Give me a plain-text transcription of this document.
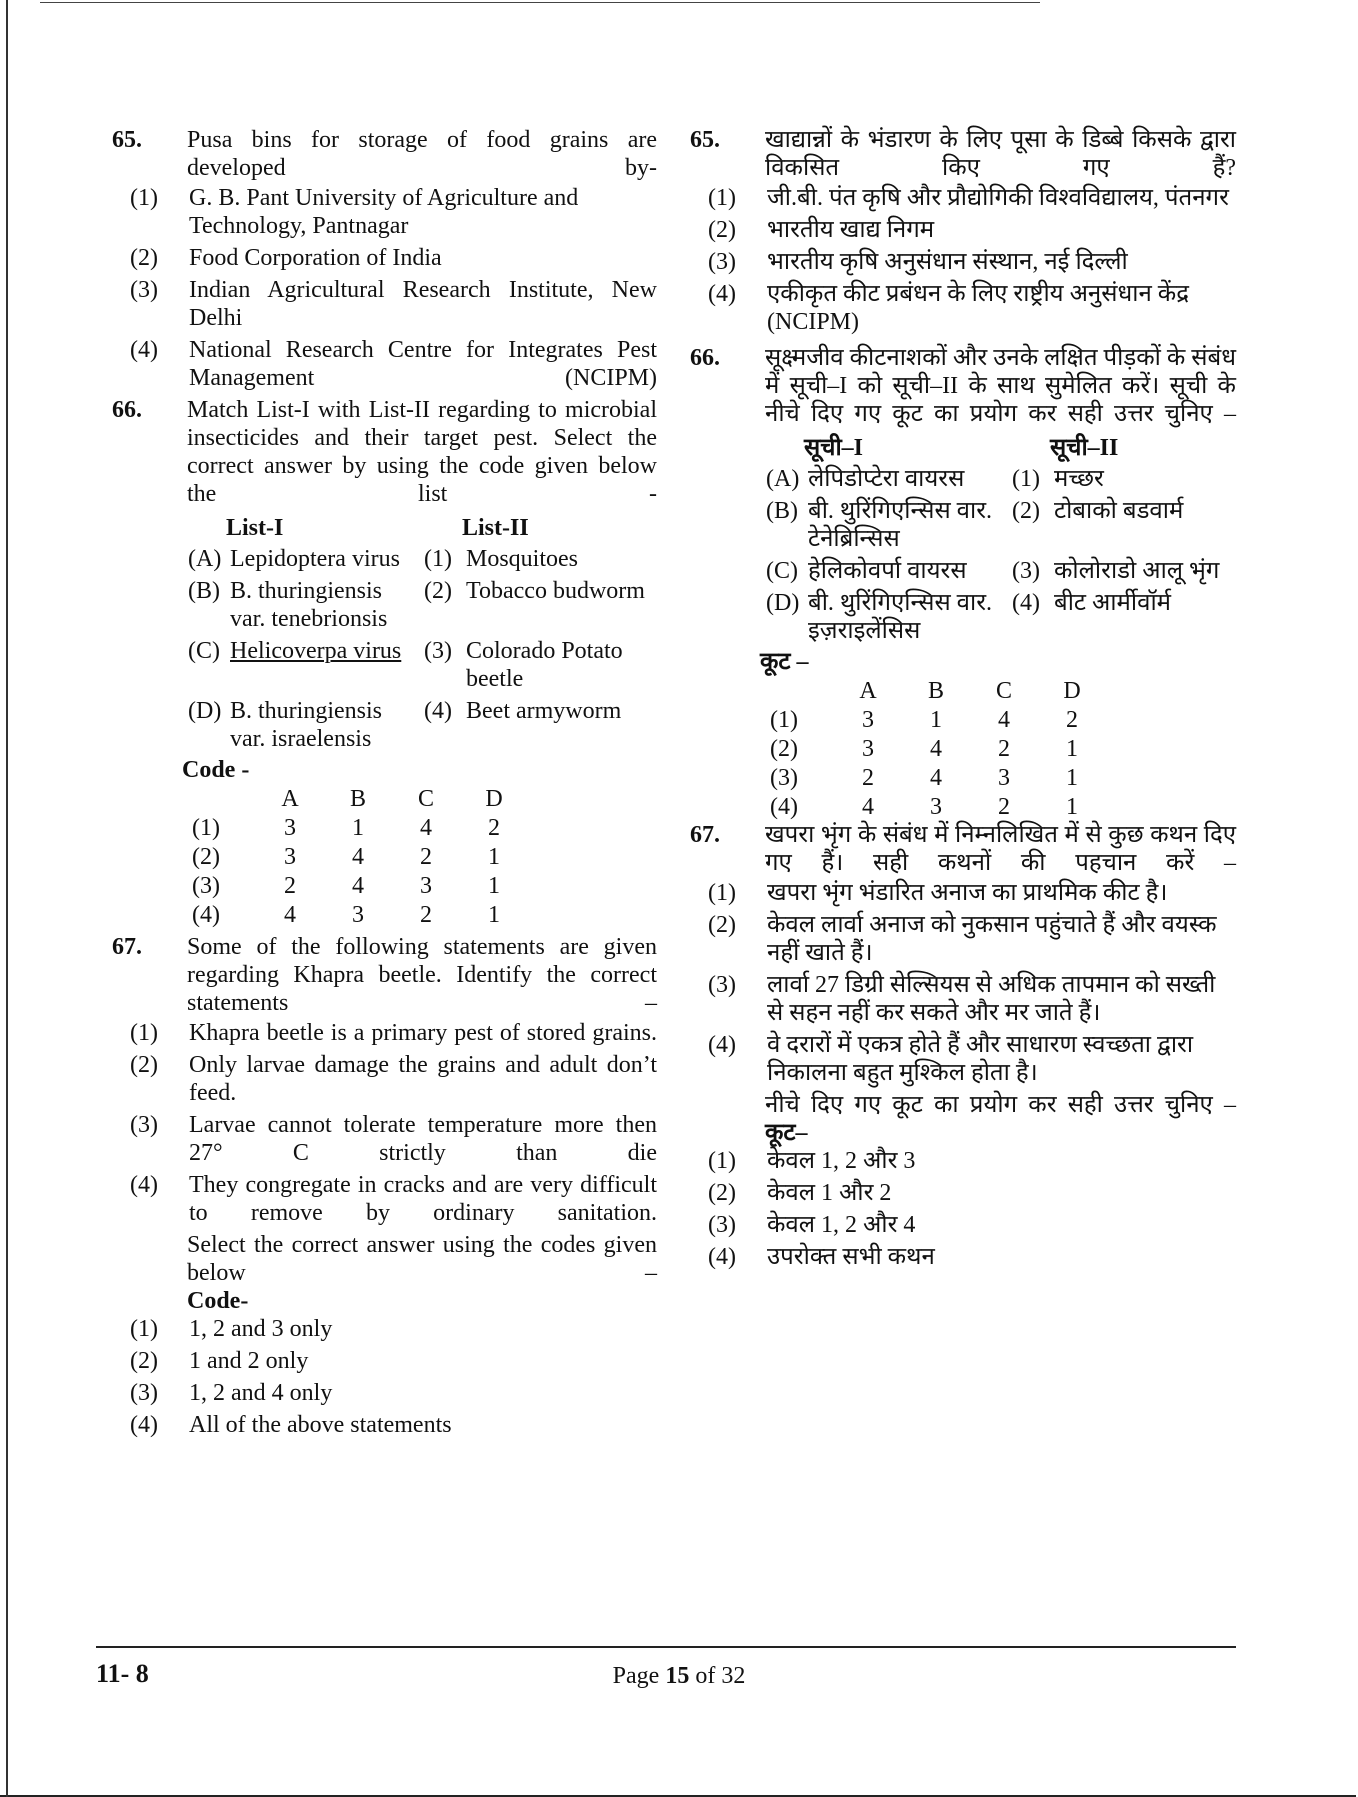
65. Pusa bins for storage of food grains are developed by-
(1) G. B. Pant University of Agriculture and Technology, Pantnagar
(2) Food Corporation of India
(3) Indian Agricultural Research Institute, New Delhi
(4) National Research Centre for Integrates Pest Management (NCIPM)
66. Match List-I with List-II regarding to microbial insecticides and their target pest. Select the correct answer by using the code given below the list -
List-I		List-II	
(A)	Lepidoptera virus	(1)	Mosquitoes
(B)	B. thuringiensis var. tenebrionsis	(2)	Tobacco budworm
(C)	Helicoverpa virus	(3)	Colorado Potato beetle
(D)	B. thuringiensis var. israelensis	(4)	Beet armyworm
Code -
	A	B	C	D
(1)	3	1	4	2
(2)	3	4	2	1
(3)	2	4	3	1
(4)	4	3	2	1
67. Some of the following statements are given regarding Khapra beetle. Identify the correct statements –
(1) Khapra beetle is a primary pest of stored grains.
(2) Only larvae damage the grains and adult don’t feed.
(3) Larvae cannot tolerate temperature more then 27° C strictly than die
(4) They congregate in cracks and are very difficult to remove by ordinary sanitation.
Select the correct answer using the codes given below –
Code-
(1) 1, 2 and 3 only
(2) 1 and 2 only
(3) 1, 2 and 4 only
(4) All of the above statements
65. खाद्यान्नों के भंडारण के लिए पूसा के डिब्बे किसके द्वारा विकसित किए गए हैं?
(1) जी.बी. पंत कृषि और प्रौद्योगिकी विश्वविद्यालय, पंतनगर
(2) भारतीय खाद्य निगम
(3) भारतीय कृषि अनुसंधान संस्थान, नई दिल्ली
(4) एकीकृत कीट प्रबंधन के लिए राष्ट्रीय अनुसंधान केंद्र (NCIPM)
66. सूक्ष्मजीव कीटनाशकों और उनके लक्षित पीड़कों के संबंध में सूची–I को सूची–II के साथ सुमेलित करें। सूची के नीचे दिए गए कूट का प्रयोग कर सही उत्तर चुनिए –
सूची–I		सूची–II	
(A)	लेपिडोप्टेरा वायरस	(1)	मच्छर
(B)	बी. थुरिंगिएन्सिस वार. टेनेब्रिन्सिस	(2)	टोबाको बडवार्म
(C)	हेलिकोवर्पा वायरस	(3)	कोलोराडो आलू भृंग
(D)	बी. थुरिंगिएन्सिस वार. इज़राइलेंसिस	(4)	बीट आर्मीवॉर्म
कूट –
	A	B	C	D
(1)	3	1	4	2
(2)	3	4	2	1
(3)	2	4	3	1
(4)	4	3	2	1
67. खपरा भृंग के संबंध में निम्नलिखित में से कुछ कथन दिए गए हैं। सही कथनों की पहचान करें –
(1) खपरा भृंग भंडारित अनाज का प्राथमिक कीट है।
(2) केवल लार्वा अनाज को नुकसान पहुंचाते हैं और वयस्क नहीं खाते हैं।
(3) लार्वा 27 डिग्री सेल्सियस से अधिक तापमान को सख्ती से सहन नहीं कर सकते और मर जाते हैं।
(4) वे दरारों में एकत्र होते हैं और साधारण स्वच्छता द्वारा निकालना बहुत मुश्किल होता है।
नीचे दिए गए कूट का प्रयोग कर सही उत्तर चुनिए –
कूट–
(1) केवल 1, 2 और 3
(2) केवल 1 और 2
(3) केवल 1, 2 और 4
(4) उपरोक्त सभी कथन
11- 8	Page 15 of 32
